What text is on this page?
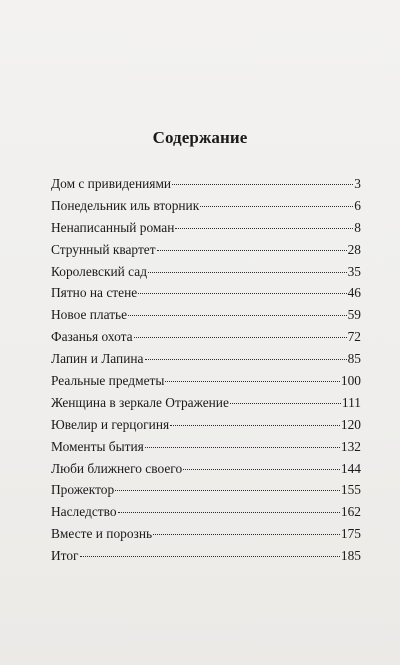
Содержание
Дом с привидениями	3
Понедельник иль вторник	6
Ненаписанный роман	8
Струнный квартет	28
Королевский сад	35
Пятно на стене	46
Новое платье	59
Фазанья охота	72
Лапин и Лапина	85
Реальные предметы	100
Женщина в зеркале Отражение	111
Ювелир и герцогиня	120
Моменты бытия	132
Люби ближнего своего	144
Прожектор	155
Наследство	162
Вместе и порознь	175
Итог	185
